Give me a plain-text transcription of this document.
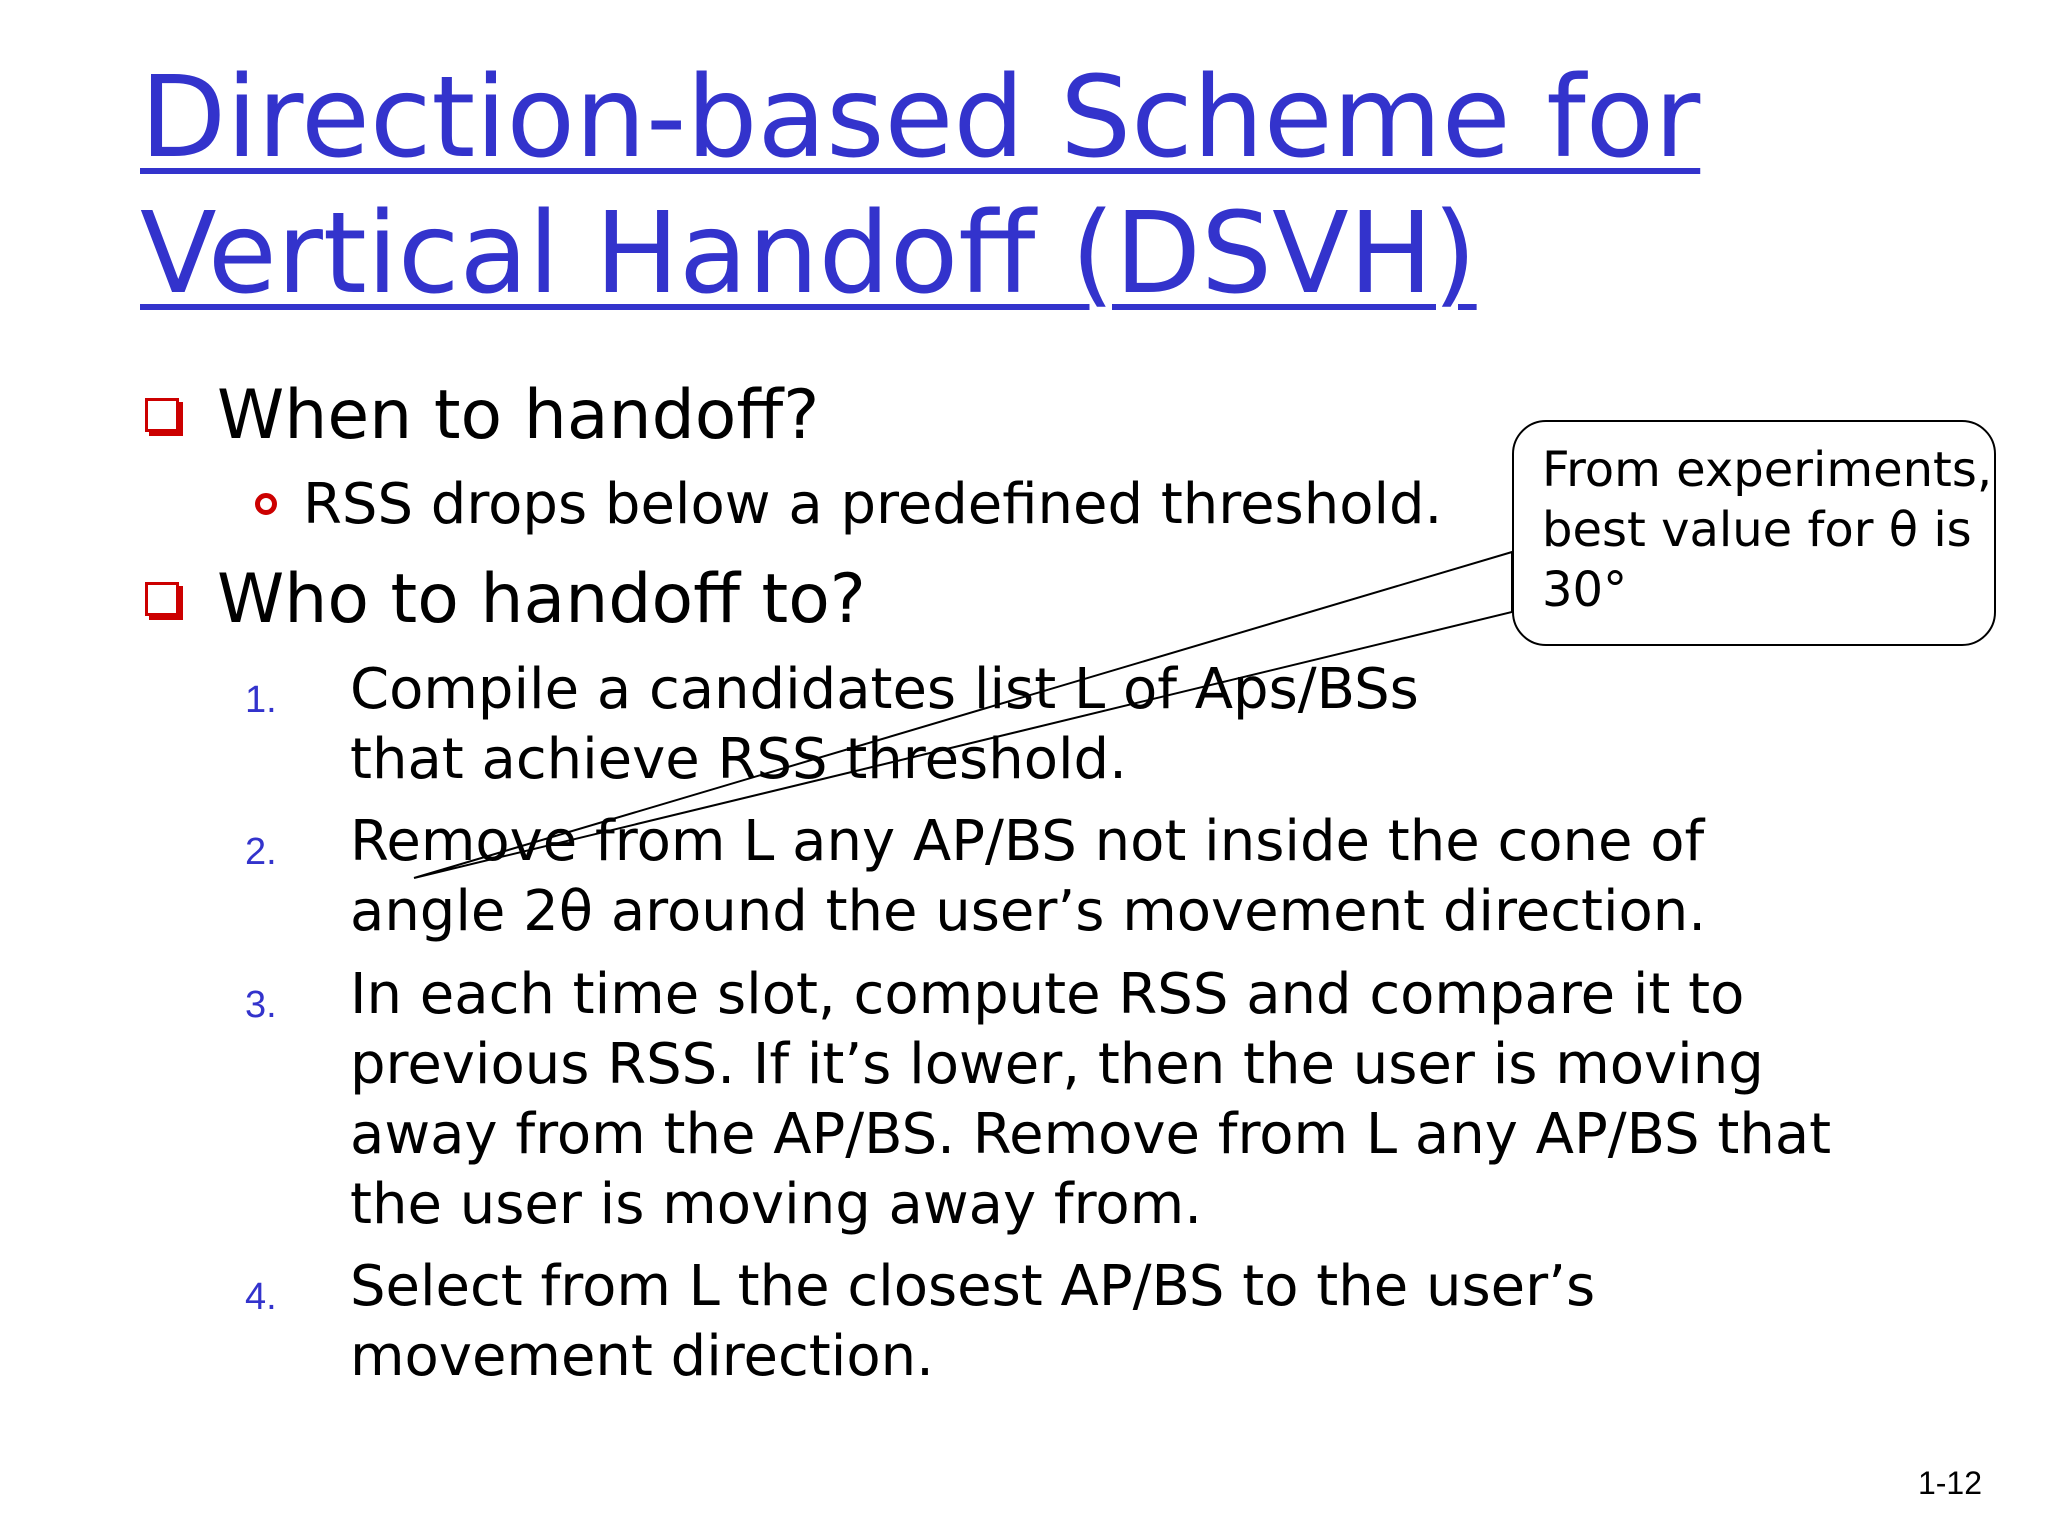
Direction-based Scheme for
Vertical Handoff (DSVH)
When to handoff?
RSS drops below a predefined threshold.
Who to handoff to?
1. Compile a candidates list L of Aps/BSs that achieve RSS threshold.
2. Remove from L any AP/BS not inside the cone of angle 2θ around the user’s movement direction.
3. In each time slot, compute RSS and compare it to previous RSS. If it’s lower, then the user is moving away from the AP/BS. Remove from L any AP/BS that the user is moving away from.
4. Select from L the closest AP/BS to the user’s movement direction.
From experiments,
best value for θ is
30°
1-12
